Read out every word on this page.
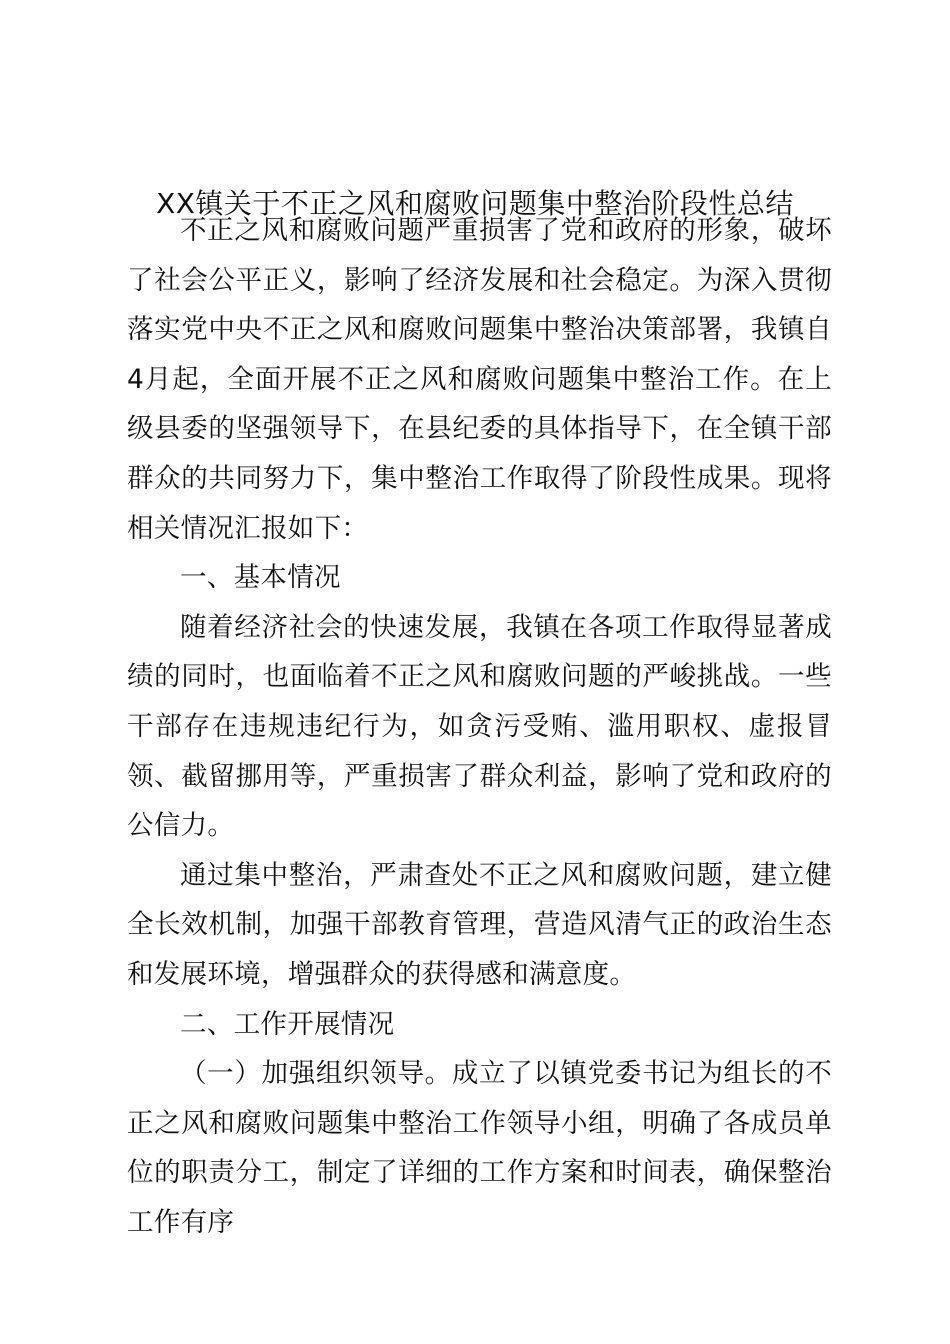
XX镇关于不正之风和腐败问题集中整治阶段性总结

不正之风和腐败问题严重损害了党和政府的形象，破坏了社会公平正义，影响了经济发展和社会稳定。为深入贯彻落实党中央不正之风和腐败问题集中整治决策部署，我镇自4月起，全面开展不正之风和腐败问题集中整治工作。在上级县委的坚强领导下，在县纪委的具体指导下，在全镇干部群众的共同努力下，集中整治工作取得了阶段性成果。现将相关情况汇报如下：

一、基本情况

随着经济社会的快速发展，我镇在各项工作取得显著成绩的同时，也面临着不正之风和腐败问题的严峻挑战。一些干部存在违规违纪行为，如贪污受贿、滥用职权、虚报冒领、截留挪用等，严重损害了群众利益，影响了党和政府的公信力。

通过集中整治，严肃查处不正之风和腐败问题，建立健全长效机制，加强干部教育管理，营造风清气正的政治生态和发展环境，增强群众的获得感和满意度。

二、工作开展情况

（一）加强组织领导。成立了以镇党委书记为组长的不正之风和腐败问题集中整治工作领导小组，明确了各成员单位的职责分工，制定了详细的工作方案和时间表，确保整治工作有序
